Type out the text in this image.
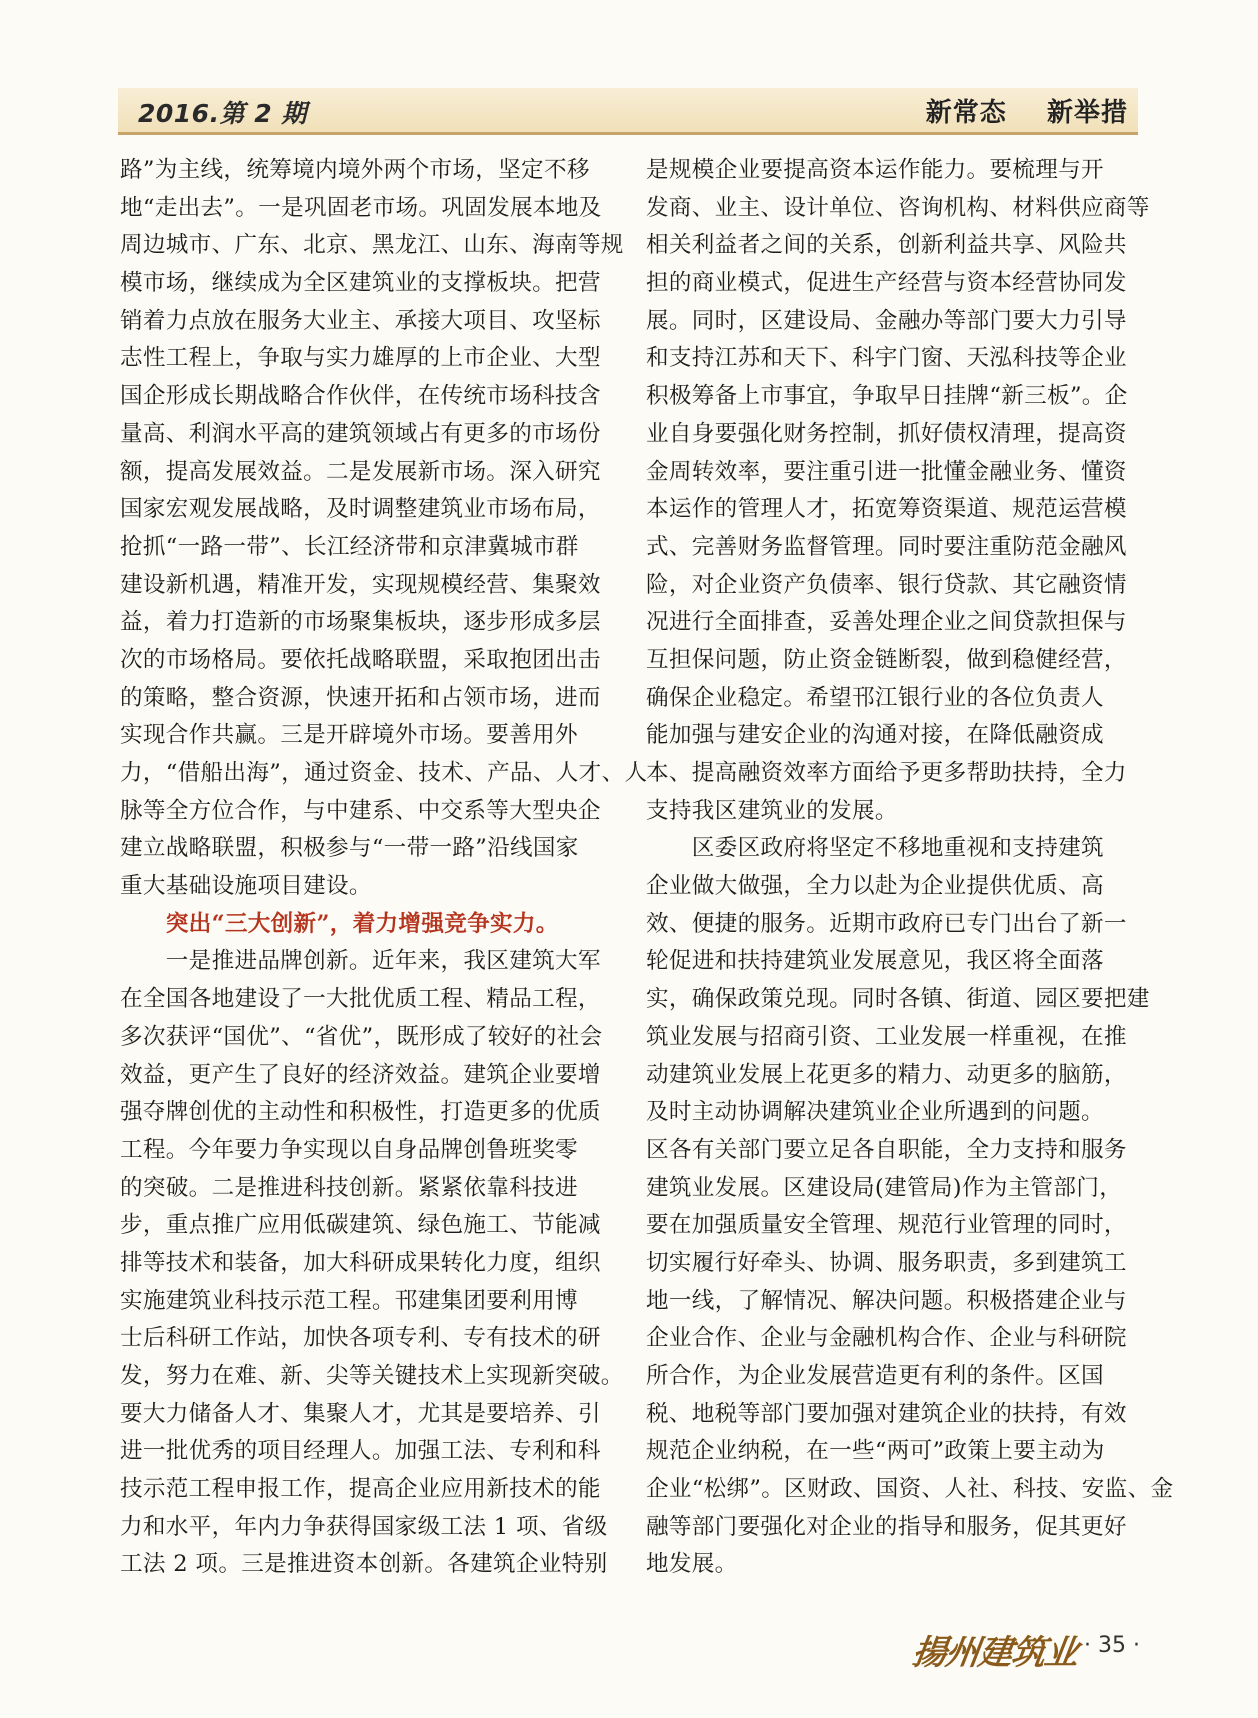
2016.第 2 期	新常态    新举措
路”为主线，统筹境内境外两个市场，坚定不移
地“走出去”。一是巩固老市场。巩固发展本地及
周边城市、广东、北京、黑龙江、山东、海南等规
模市场，继续成为全区建筑业的支撑板块。把营
销着力点放在服务大业主、承接大项目、攻坚标
志性工程上，争取与实力雄厚的上市企业、大型
国企形成长期战略合作伙伴，在传统市场科技含
量高、利润水平高的建筑领域占有更多的市场份
额，提高发展效益。二是发展新市场。深入研究
国家宏观发展战略，及时调整建筑业市场布局，
抢抓“一路一带”、长江经济带和京津冀城市群
建设新机遇，精准开发，实现规模经营、集聚效
益，着力打造新的市场聚集板块，逐步形成多层
次的市场格局。要依托战略联盟，采取抱团出击
的策略，整合资源，快速开拓和占领市场，进而
实现合作共赢。三是开辟境外市场。要善用外
力，“借船出海”，通过资金、技术、产品、人才、人
脉等全方位合作，与中建系、中交系等大型央企
建立战略联盟，积极参与“一带一路”沿线国家
重大基础设施项目建设。
　　突出“三大创新”，着力增强竞争实力。
　　一是推进品牌创新。近年来，我区建筑大军
在全国各地建设了一大批优质工程、精品工程，
多次获评“国优”、“省优”，既形成了较好的社会
效益，更产生了良好的经济效益。建筑企业要增
强夺牌创优的主动性和积极性，打造更多的优质
工程。今年要力争实现以自身品牌创鲁班奖零
的突破。二是推进科技创新。紧紧依靠科技进
步，重点推广应用低碳建筑、绿色施工、节能减
排等技术和装备，加大科研成果转化力度，组织
实施建筑业科技示范工程。邗建集团要利用博
士后科研工作站，加快各项专利、专有技术的研
发，努力在难、新、尖等关键技术上实现新突破。
要大力储备人才、集聚人才，尤其是要培养、引
进一批优秀的项目经理人。加强工法、专利和科
技示范工程申报工作，提高企业应用新技术的能
力和水平，年内力争获得国家级工法 1 项、省级
工法 2 项。三是推进资本创新。各建筑企业特别
是规模企业要提高资本运作能力。要梳理与开
发商、业主、设计单位、咨询机构、材料供应商等
相关利益者之间的关系，创新利益共享、风险共
担的商业模式，促进生产经营与资本经营协同发
展。同时，区建设局、金融办等部门要大力引导
和支持江苏和天下、科宇门窗、天泓科技等企业
积极筹备上市事宜，争取早日挂牌“新三板”。企
业自身要强化财务控制，抓好债权清理，提高资
金周转效率，要注重引进一批懂金融业务、懂资
本运作的管理人才，拓宽筹资渠道、规范运营模
式、完善财务监督管理。同时要注重防范金融风
险，对企业资产负债率、银行贷款、其它融资情
况进行全面排查，妥善处理企业之间贷款担保与
互担保问题，防止资金链断裂，做到稳健经营，
确保企业稳定。希望邗江银行业的各位负责人
能加强与建安企业的沟通对接，在降低融资成
本、提高融资效率方面给予更多帮助扶持，全力
支持我区建筑业的发展。
　　区委区政府将坚定不移地重视和支持建筑
企业做大做强，全力以赴为企业提供优质、高
效、便捷的服务。近期市政府已专门出台了新一
轮促进和扶持建筑业发展意见，我区将全面落
实，确保政策兑现。同时各镇、街道、园区要把建
筑业发展与招商引资、工业发展一样重视，在推
动建筑业发展上花更多的精力、动更多的脑筋，
及时主动协调解决建筑业企业所遇到的问题。
区各有关部门要立足各自职能，全力支持和服务
建筑业发展。区建设局(建管局)作为主管部门，
要在加强质量安全管理、规范行业管理的同时，
切实履行好牵头、协调、服务职责，多到建筑工
地一线，了解情况、解决问题。积极搭建企业与
企业合作、企业与金融机构合作、企业与科研院
所合作，为企业发展营造更有利的条件。区国
税、地税等部门要加强对建筑企业的扶持，有效
规范企业纳税，在一些“两可”政策上要主动为
企业“松绑”。区财政、国资、人社、科技、安监、金
融等部门要强化对企业的指导和服务，促其更好
地发展。
揚州建筑业 · 35 ·
